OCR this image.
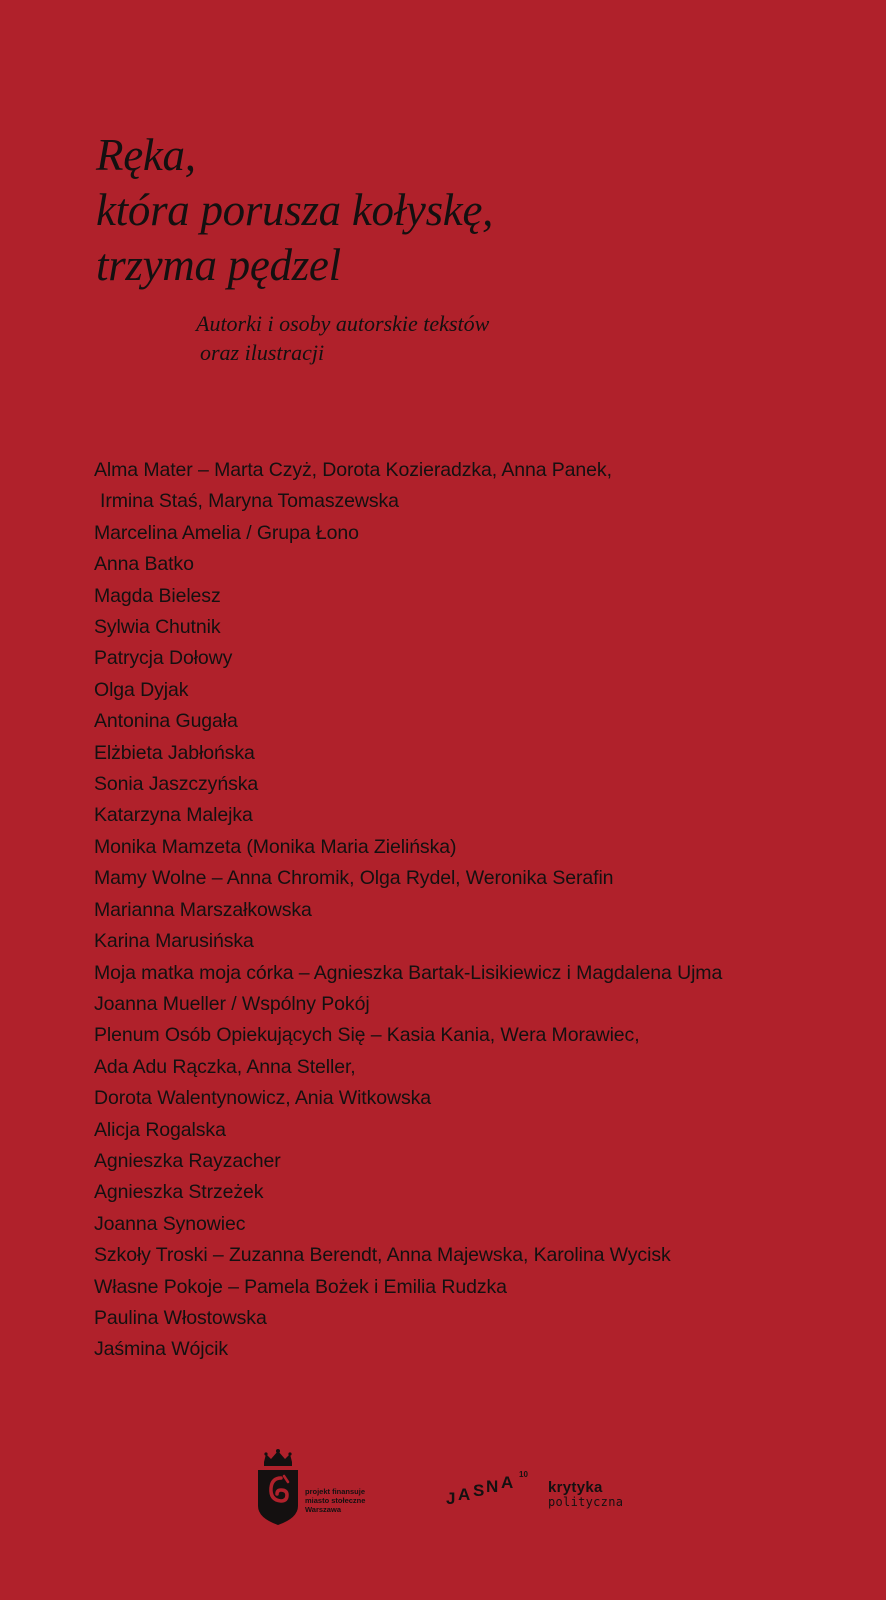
Ręka,
która porusza kołyskę,
trzyma pędzel
Autorki i osoby autorskie tekstów
oraz ilustracji
Alma Mater – Marta Czyż, Dorota Kozieradzka, Anna Panek,
Irmina Staś, Maryna Tomaszewska
Marcelina Amelia / Grupa Łono
Anna Batko
Magda Bielesz
Sylwia Chutnik
Patrycja Dołowy
Olga Dyjak
Antonina Gugała
Elżbieta Jabłońska
Sonia Jaszczyńska
Katarzyna Malejka
Monika Mamzeta (Monika Maria Zielińska)
Mamy Wolne – Anna Chromik, Olga Rydel, Weronika Serafin
Marianna Marszałkowska
Karina Marusińska
Moja matka moja córka – Agnieszka Bartak-Lisikiewicz i Magdalena Ujma
Joanna Mueller / Wspólny Pokój
Plenum Osób Opiekujących Się – Kasia Kania, Wera Morawiec,
Ada Adu Rączka, Anna Steller,
Dorota Walentynowicz, Ania Witkowska
Alicja Rogalska
Agnieszka Rayzacher
Agnieszka Strzeżek
Joanna Synowiec
Szkoły Troski – Zuzanna Berendt, Anna Majewska, Karolina Wycisk
Własne Pokoje – Pamela Bożek i Emilia Rudzka
Paulina Włostowska
Jaśmina Wójcik
projekt finansuje
miasto stołeczne
Warszawa
J A S N A 10
krytyka
polityczna
